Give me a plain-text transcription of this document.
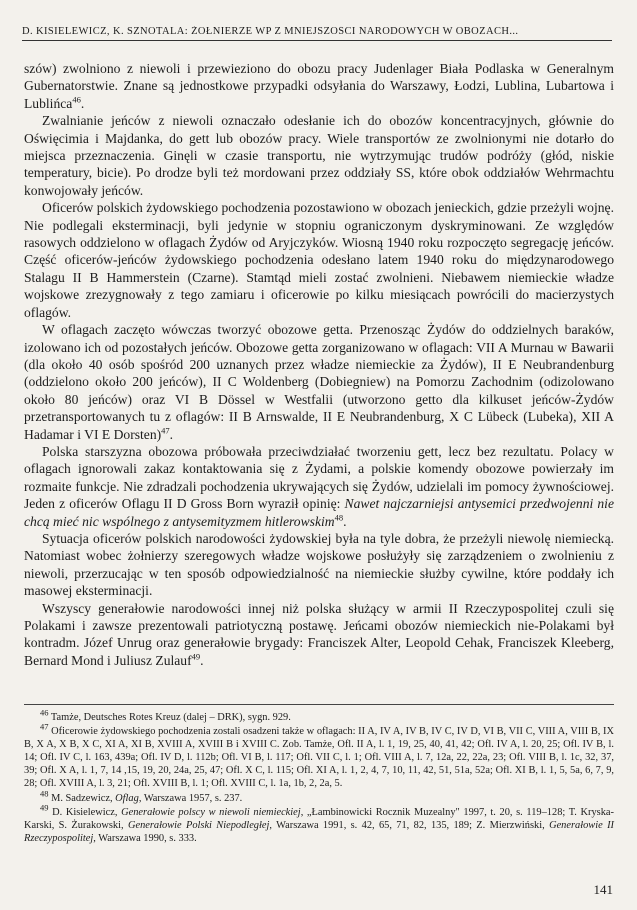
D. KISIELEWICZ, K. SZNOTALA: ŻOŁNIERZE WP Z MNIEJSZOŚCI NARODOWYCH W OBOZACH...

szów) zwolniono z niewoli i przewieziono do obozu pracy Judenlager Biała Podlaska w Generalnym Gubernatorstwie. Znane są jednostkowe przypadki odsyłania do Warszawy, Łodzi, Lublina, Lubartowa i Lublińca$^{46}$.

Zwalnianie jeńców z niewoli oznaczało odesłanie ich do obozów koncentracyjnych, głównie do Oświęcimia i Majdanka, do gett lub obozów pracy. Wiele transportów ze zwolnionymi nie dotarło do miejsca przeznaczenia. Ginęli w czasie transportu, nie wytrzymując trudów podróży (głód, niskie temperatury, bicie). Po drodze byli też mordowani przez oddziały SS, które obok oddziałów Wehrmachtu konwojowały jeńców.

Oficerów polskich żydowskiego pochodzenia pozostawiono w obozach jenieckich, gdzie przeżyli wojnę. Nie podlegali eksterminacji, byli jedynie w stopniu ograniczonym dyskryminowani. Ze względów rasowych oddzielono w oflagach Żydów od Aryjczyków. Wiosną 1940 roku rozpoczęto segregację jeńców. Część oficerów-jeńców żydowskiego pochodzenia odesłano latem 1940 roku do międzynarodowego Stalagu II B Hammerstein (Czarne). Stamtąd mieli zostać zwolnieni. Niebawem niemieckie władze wojskowe zrezygnowały z tego zamiaru i oficerowie po kilku miesiącach powrócili do macierzystych oflagów.

W oflagach zaczęto wówczas tworzyć obozowe getta. Przenosząc Żydów do oddzielnych baraków, izolowano ich od pozostałych jeńców. Obozowe getta zorganizowano w oflagach: VII A Murnau w Bawarii (dla około 40 osób spośród 200 uznanych przez władze niemieckie za Żydów), II E Neubrandenburg (oddzielono około 200 jeńców), II C Woldenberg (Dobiegniew) na Pomorzu Zachodnim (odizolowano około 80 jeńców) oraz VI B Dössel w Westfalii (utworzono getto dla kilkuset jeńców-Żydów przetransportowanych tu z oflagów: II B Arnswalde, II E Neubrandenburg, X C Lübeck (Lubeka), XII A Hadamar i VI E Dorsten)$^{47}$.

Polska starszyzna obozowa próbowała przeciwdziałać tworzeniu gett, lecz bez rezultatu. Polacy w oflagach ignorowali zakaz kontaktowania się z Żydami, a polskie komendy obozowe powierzały im rozmaite funkcje. Nie zdradzali pochodzenia ukrywających się Żydów, udzielali im pomocy żywnościowej. Jeden z oficerów Oflagu II D Gross Born wyraził opinię: Nawet najczarniejsi antysemici przedwojenni nie chcą mieć nic wspólnego z antysemityzmem hitlerowskim$^{48}$.

Sytuacja oficerów polskich narodowości żydowskiej była na tyle dobra, że przeżyli niewolę niemiecką. Natomiast wobec żołnierzy szeregowych władze wojskowe posłużyły się zarządzeniem o zwolnieniu z niewoli, przerzucając w ten sposób odpowiedzialność na niemieckie służby cywilne, które poddały ich masowej eksterminacji.

Wszyscy generałowie narodowości innej niż polska służący w armii II Rzeczypospolitej czuli się Polakami i zawsze prezentowali patriotyczną postawę. Jeńcami obozów niemieckich nie-Polakami był kontradm. Józef Unrug oraz generałowie brygady: Franciszek Alter, Leopold Cehak, Franciszek Kleeberg, Bernard Mond i Juliusz Zulauf$^{49}$.

$^{46}$ Tamże, Deutsches Rotes Kreuz (dalej – DRK), sygn. 929.

$^{47}$ Oficerowie żydowskiego pochodzenia zostali osadzeni także w oflagach: II A, IV A, IV B, IV C, IV D, VI B, VII C, VIII A, VIII B, IX B, X A, X B, X C, XI A, XI B, XVIII A, XVIII B i XVIII C. Zob. Tamże, Ofl. II A, l. 1, 19, 25, 40, 41, 42; Ofl. IV A, l. 20, 25; Ofl. IV B, l. 14; Ofl. IV C, l. 163, 439a; Ofl. IV D, l. 112b; Ofl. VI B, l. 117; Ofl. VII C, l. 1; Ofl. VIII A, l. 7, 12a, 22, 22a, 23; Ofl. VIII B, l. 1c, 32, 37, 39; Ofl. X A, l. 1, 7, 14 ,15, 19, 20, 24a, 25, 47; Ofl. X C, l. 115; Ofl. XI A, l. 1, 2, 4, 7, 10, 11, 42, 51, 51a, 52a; Ofl. XI B, l. 1, 5, 5a, 6, 7, 9, 28; Ofl. XVIII A, l. 3, 21; Ofl. XVIII B, l. 1; Ofl. XVIII C, l. 1a, 1b, 2, 2a, 5.

$^{48}$ M. Sadzewicz, Oflag, Warszawa 1957, s. 237.

$^{49}$ D. Kisielewicz, Generałowie polscy w niewoli niemieckiej, „Łambinowicki Rocznik Muzealny" 1997, t. 20, s. 119–128; T. Kryska-Karski, S. Żurakowski, Generałowie Polski Niepodległej, Warszawa 1991, s. 42, 65, 71, 82, 135, 189; Z. Mierzwiński, Generałowie II Rzeczypospolitej, Warszawa 1990, s. 333.

141
